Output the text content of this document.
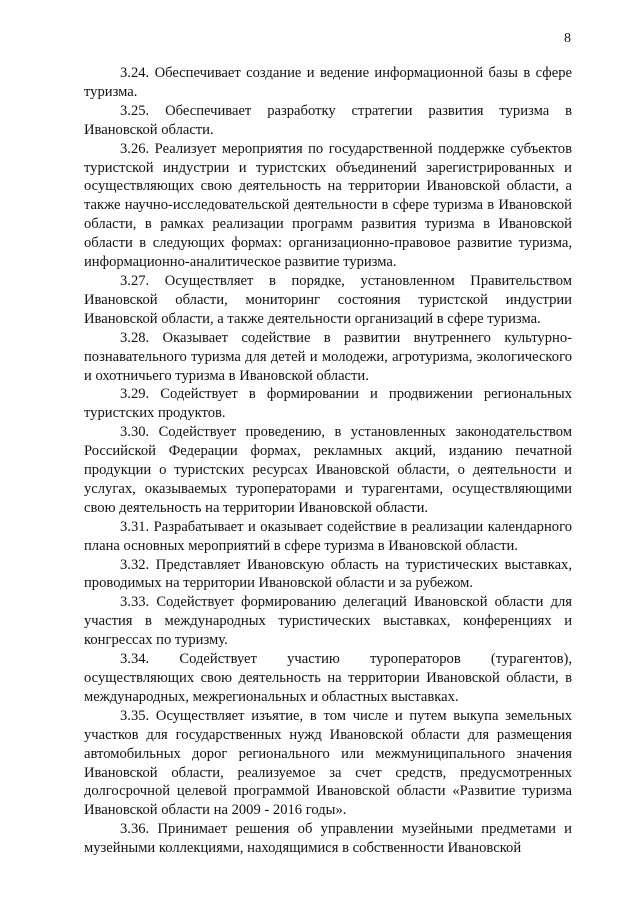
8

3.24. Обеспечивает создание и ведение информационной базы в сфере туризма.

3.25. Обеспечивает разработку стратегии развития туризма в Ивановской области.

3.26. Реализует мероприятия по государственной поддержке субъектов туристской индустрии и туристских объединений зарегистрированных и осуществляющих свою деятельность на территории Ивановской области, а также научно-исследовательской деятельности в сфере туризма в Ивановской области, в рамках реализации программ развития туризма в Ивановской области в следующих формах: организационно-правовое развитие туризма, информационно-аналитическое развитие туризма.

3.27. Осуществляет в порядке, установленном Правительством Ивановской области, мониторинг состояния туристской индустрии Ивановской области, а также деятельности организаций в сфере туризма.

3.28. Оказывает содействие в развитии внутреннего культурно-познавательного туризма для детей и молодежи, агротуризма, экологического и охотничьего туризма в Ивановской области.

3.29. Содействует в формировании и продвижении региональных туристских продуктов.

3.30. Содействует проведению, в установленных законодательством Российской Федерации формах, рекламных акций, изданию печатной продукции о туристских ресурсах Ивановской области, о деятельности и услугах, оказываемых туроператорами и турагентами, осуществляющими свою деятельность на территории Ивановской области.

3.31. Разрабатывает и оказывает содействие в реализации календарного плана основных мероприятий в сфере туризма в Ивановской области.

3.32. Представляет Ивановскую область на туристических выставках, проводимых на территории Ивановской области и за рубежом.

3.33. Содействует формированию делегаций Ивановской области для участия в международных туристических выставках, конференциях и конгрессах по туризму.

3.34. Содействует участию туроператоров (турагентов), осуществляющих свою деятельность на территории Ивановской области, в международных, межрегиональных и областных выставках.

3.35. Осуществляет изъятие, в том числе и путем выкупа земельных участков для государственных нужд Ивановской области для размещения автомобильных дорог регионального или межмуниципального значения Ивановской области, реализуемое за счет средств, предусмотренных долгосрочной целевой программой Ивановской области «Развитие туризма Ивановской области на 2009 - 2016 годы».

3.36. Принимает решения об управлении музейными предметами и музейными коллекциями, находящимися в собственности Ивановской
